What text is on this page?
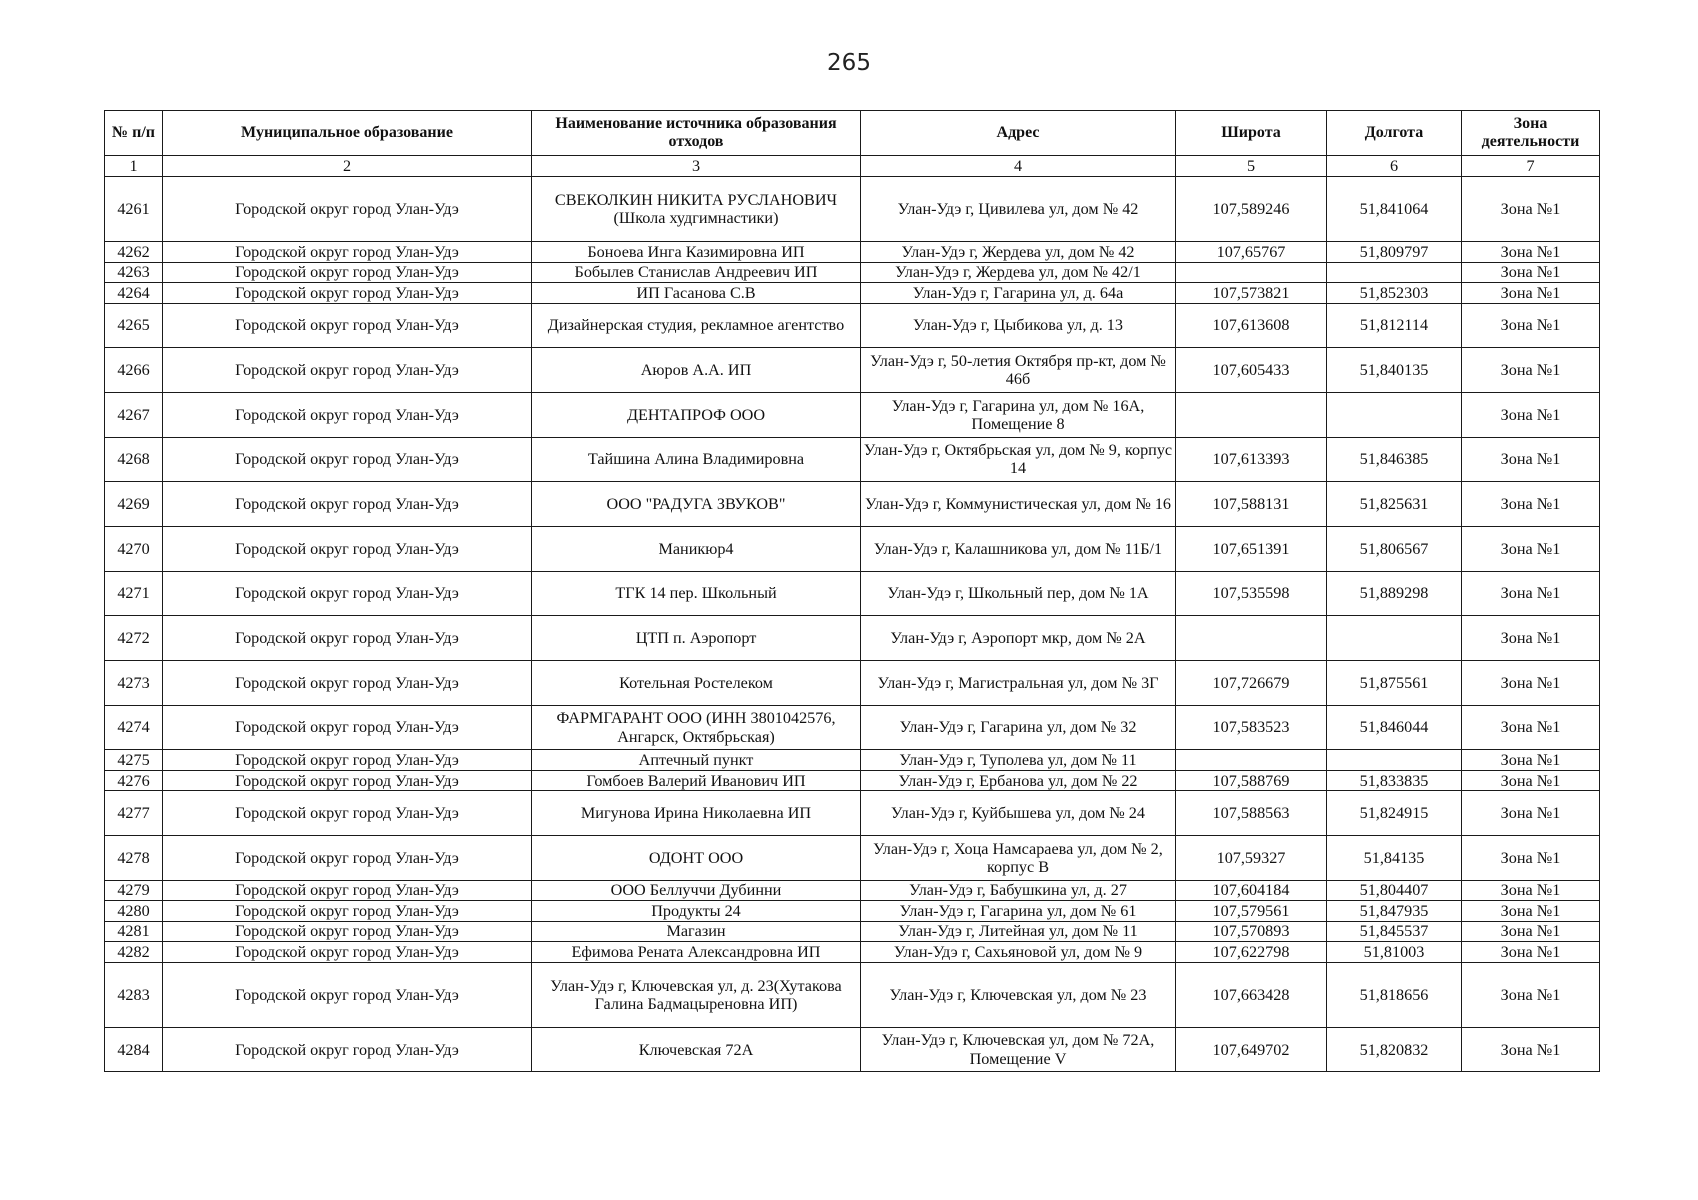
265
№ п/п	Муниципальное образование	Наименование источника образования отходов	Адрес	Широта	Долгота	Зона деятельности
1	2	3	4	5	6	7
4261	Городской округ город Улан-Удэ	СВЕКОЛКИН НИКИТА РУСЛАНОВИЧ (Школа худгимнастики)	Улан-Удэ г, Цивилева ул, дом № 42	107,589246	51,841064	Зона №1
4262	Городской округ город Улан-Удэ	Боноева Инга Казимировна ИП	Улан-Удэ г, Жердева ул, дом № 42	107,65767	51,809797	Зона №1
4263	Городской округ город Улан-Удэ	Бобылев Станислав Андреевич ИП	Улан-Удэ г, Жердева ул, дом № 42/1			Зона №1
4264	Городской округ город Улан-Удэ	ИП Гасанова С.В	Улан-Удэ г, Гагарина ул, д. 64а	107,573821	51,852303	Зона №1
4265	Городской округ город Улан-Удэ	Дизайнерская студия, рекламное агентство	Улан-Удэ г, Цыбикова ул, д. 13	107,613608	51,812114	Зона №1
4266	Городской округ город Улан-Удэ	Аюров А.А. ИП	Улан-Удэ г, 50-летия Октября пр-кт, дом № 46б	107,605433	51,840135	Зона №1
4267	Городской округ город Улан-Удэ	ДЕНТАПРОФ ООО	Улан-Удэ г, Гагарина ул, дом № 16А, Помещение 8			Зона №1
4268	Городской округ город Улан-Удэ	Тайшина Алина Владимировна	Улан-Удэ г, Октябрьская ул, дом № 9, корпус 14	107,613393	51,846385	Зона №1
4269	Городской округ город Улан-Удэ	ООО "РАДУГА ЗВУКОВ"	Улан-Удэ г, Коммунистическая ул, дом № 16	107,588131	51,825631	Зона №1
4270	Городской округ город Улан-Удэ	Маникюр4	Улан-Удэ г, Калашникова ул, дом № 11Б/1	107,651391	51,806567	Зона №1
4271	Городской округ город Улан-Удэ	ТГК 14 пер. Школьный	Улан-Удэ г, Школьный пер, дом № 1А	107,535598	51,889298	Зона №1
4272	Городской округ город Улан-Удэ	ЦТП п. Аэропорт	Улан-Удэ г, Аэропорт мкр, дом № 2А			Зона №1
4273	Городской округ город Улан-Удэ	Котельная Ростелеком	Улан-Удэ г, Магистральная ул, дом № 3Г	107,726679	51,875561	Зона №1
4274	Городской округ город Улан-Удэ	ФАРМГАРАНТ ООО (ИНН 3801042576, Ангарск, Октябрьская)	Улан-Удэ г, Гагарина ул, дом № 32	107,583523	51,846044	Зона №1
4275	Городской округ город Улан-Удэ	Аптечный пункт	Улан-Удэ г, Туполева ул, дом № 11			Зона №1
4276	Городской округ город Улан-Удэ	Гомбоев Валерий Иванович ИП	Улан-Удэ г, Ербанова ул, дом № 22	107,588769	51,833835	Зона №1
4277	Городской округ город Улан-Удэ	Мигунова Ирина Николаевна ИП	Улан-Удэ г, Куйбышева ул, дом № 24	107,588563	51,824915	Зона №1
4278	Городской округ город Улан-Удэ	ОДОНТ ООО	Улан-Удэ г, Хоца Намсараева ул, дом № 2, корпус В	107,59327	51,84135	Зона №1
4279	Городской округ город Улан-Удэ	ООО Беллуччи Дубинни	Улан-Удэ г, Бабушкина ул, д. 27	107,604184	51,804407	Зона №1
4280	Городской округ город Улан-Удэ	Продукты 24	Улан-Удэ г, Гагарина ул, дом № 61	107,579561	51,847935	Зона №1
4281	Городской округ город Улан-Удэ	Магазин	Улан-Удэ г, Литейная ул, дом № 11	107,570893	51,845537	Зона №1
4282	Городской округ город Улан-Удэ	Ефимова Рената Александровна ИП	Улан-Удэ г, Сахьяновой ул, дом № 9	107,622798	51,81003	Зона №1
4283	Городской округ город Улан-Удэ	Улан-Удэ г, Ключевская ул, д. 23(Хутакова Галина Бадмацыреновна ИП)	Улан-Удэ г, Ключевская ул, дом № 23	107,663428	51,818656	Зона №1
4284	Городской округ город Улан-Удэ	Ключевская 72А	Улан-Удэ г, Ключевская ул, дом № 72А, Помещение V	107,649702	51,820832	Зона №1
